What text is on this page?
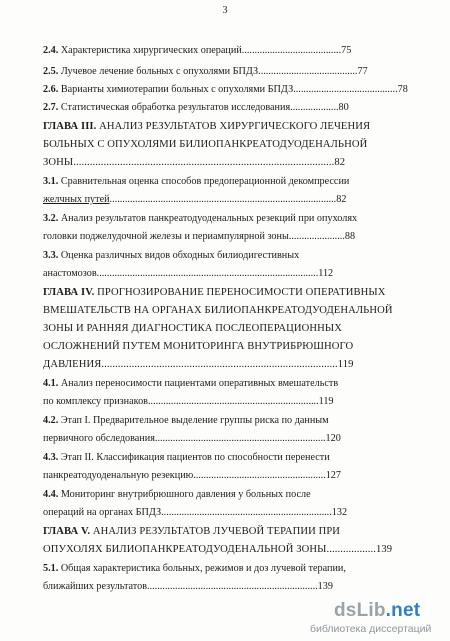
3
2.4. Характеристика хирургических операций.......................................75
2.5. Лучевое лечение больных с опухолями БПДЗ.......................................77
2.6. Варианты химиотерапии больных с опухолями БПДЗ.........................................78
2.7. Статистическая обработка результатов исследования...................80
ГЛАВА III. АНАЛИЗ РЕЗУЛЬТАТОВ ХИРУРГИЧЕСКОГО ЛЕЧЕНИЯ
БОЛЬНЫХ С ОПУХОЛЯМИ БИЛИОПАНКРЕАТОДУОДЕНАЛЬНОЙ
ЗОНЫ...............................................................................................82
3.1. Сравнительная оценка способов предоперационной декомпрессии
желчных путей.........................................................................................82
3.2. Анализ результатов панкреатодуоденальных резекций при опухолях
головки поджелудочной железы и периампулярной зоны......................88
3.3. Оценка различных видов обходных билиодигестивных
анастомозов.......................................................................................112
ГЛАВА IV. ПРОГНОЗИРОВАНИЕ ПЕРЕНОСИМОСТИ ОПЕРАТИВНЫХ
ВМЕШАТЕЛЬСТВ НА ОРГАНАХ БИЛИОПАНКРЕАТОДУОДЕНАЛЬНОЙ
ЗОНЫ И РАННЯЯ ДИАГНОСТИКА ПОСЛЕОПЕРАЦИОННЫХ
ОСЛОЖНЕНИЙ ПУТЕМ МОНИТОРИНГА ВНУТРИБРЮШНОГО
ДАВЛЕНИЯ......................................................................................119
4.1. Анализ переносимости пациентами оперативных вмешательств
по комплексу признаков...................................................................119
4.2. Этап I. Предварительное выделение группы риска по данным
первичного обследования...................................................................120
4.3. Этап II. Классификация пациентов по способности перенести
панкреатодуоденальную резекцию....................................................127
4.4. Мониторинг внутрибрюшного давления у больных после
операций на органах БПДЗ...................................................................132
ГЛАВА V. АНАЛИЗ РЕЗУЛЬТАТОВ ЛУЧЕВОЙ ТЕРАПИИ ПРИ
ОПУХОЛЯХ БИЛИОПАНКРЕАТОДУОДЕНАЛЬНОЙ ЗОНЫ..................139
5.1. Общая характеристика больных, режимов и доз лучевой терапии,
ближайших результатов...................................................................139
dsLib.net
библиотека диссертаций
